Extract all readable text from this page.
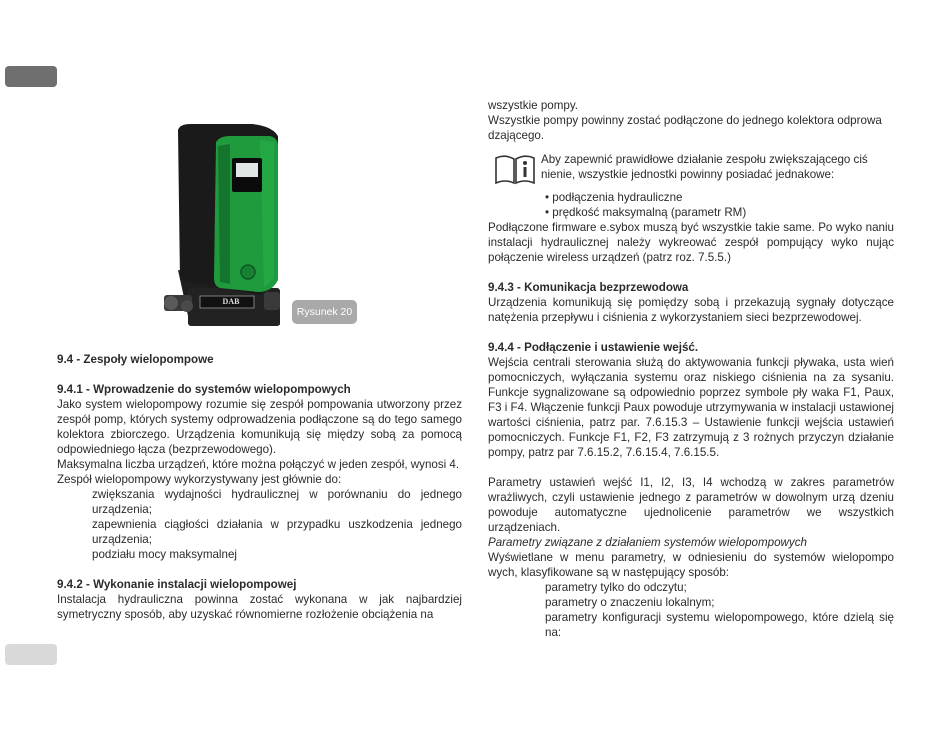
DAB
Rysunek 20

9.4 - Zespoły wielopompowe

9.4.1 - Wprowadzenie do systemów wielopompowych

Jako system wielopompowy rozumie się zespół pompowania utworzony przez zespół pomp, których systemy odprowadzenia podłączone są do tego samego kolektora zbiorczego. Urządzenia komunikują się między sobą za pomocą odpowiedniego łącza (bezprzewodowego).

Maksymalna liczba urządzeń, które można połączyć w jeden zespół, wynosi 4.

Zespół wielopompowy wykorzystywany jest głównie do:

zwiększania wydajności hydraulicznej w porównaniu do jednego urządzenia;

zapewnienia ciągłości działania w przypadku uszkodzenia jednego urządzenia;

podziału mocy maksymalnej

9.4.2 - Wykonanie instalacji wielopompowej

Instalacja hydrauliczna powinna zostać wykonana w jak najbardziej symetryczny sposób, aby uzyskać równomierne rozłożenie obciążenia na

wszystkie pompy.

Wszystkie pompy powinny zostać podłączone do jednego kolektora odprowa dzającego.

Aby zapewnić prawidłowe działanie zespołu zwiększającego ciś nienie, wszystkie jednostki powinny posiadać jednakowe:

• podłączenia hydrauliczne

• prędkość maksymalną (parametr RM)

Podłączone firmware e.sybox muszą być wszystkie takie same. Po wyko naniu instalacji hydraulicznej należy wykreować zespół pompujący wyko nując połączenie wireless urządzeń (patrz roz. 7.5.5.)

9.4.3 - Komunikacja bezprzewodowa

Urządzenia komunikują się pomiędzy sobą i przekazują sygnały dotyczące natężenia przepływu i ciśnienia z wykorzystaniem sieci bezprzewodowej.

9.4.4 - Podłączenie i ustawienie wejść.

Wejścia centrali sterowania służą do aktywowania funkcji pływaka, usta wień pomocniczych, wyłączania systemu oraz niskiego ciśnienia na za sysaniu. Funkcje sygnalizowane są odpowiednio poprzez symbole pły waka F1, Paux, F3 i F4. Włączenie funkcji Paux powoduje utrzymywania w instalacji ustawionej wartości ciśnienia, patrz par. 7.6.15.3 – Ustawienie funkcji wejścia ustawień pomocniczych. Funkcje F1, F2, F3 zatrzymują z 3 rożnych przyczyn działanie pompy, patrz par 7.6.15.2, 7.6.15.4, 7.6.15.5.

Parametry ustawień wejść I1, I2, I3, I4 wchodzą w zakres parametrów wrażliwych, czyli ustawienie jednego z parametrów w dowolnym urzą dzeniu powoduje automatyczne ujednolicenie parametrów we wszystkich urządzeniach.

Parametry związane z działaniem systemów wielopompowych

Wyświetlane w menu parametry, w odniesieniu do systemów wielopompo wych, klasyfikowane są w następujący sposób:

parametry tylko do odczytu;

parametry o znaczeniu lokalnym;

parametry konfiguracji systemu wielopompowego, które dzielą się na:
